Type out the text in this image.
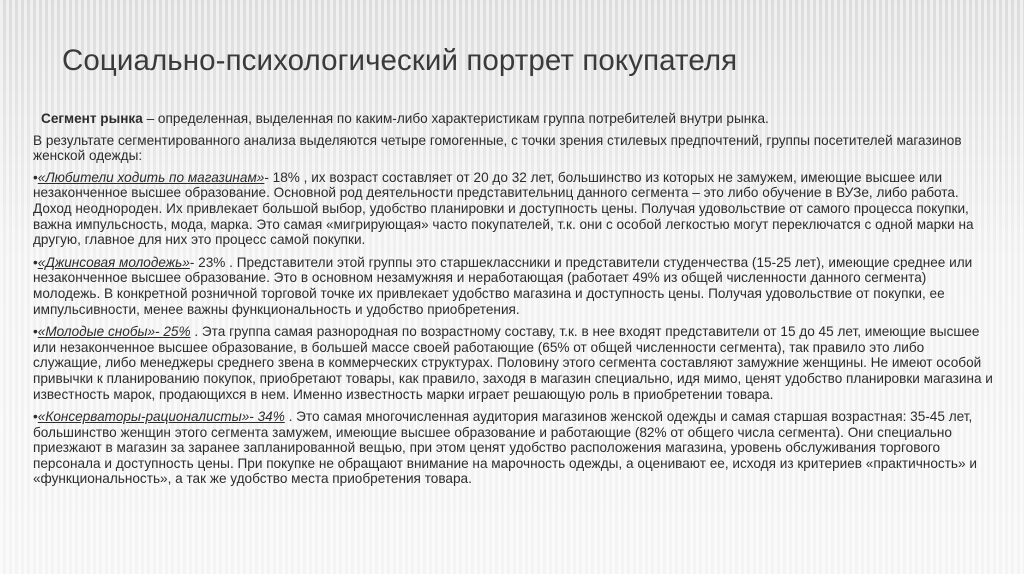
Социально-психологический портрет покупателя
Сегмент рынка – определенная, выделенная по каким-либо характеристикам группа потребителей внутри рынка.
В результате сегментированного анализа выделяются четыре гомогенные, с точки зрения стилевых предпочтений, группы посетителей магазинов женской одежды:
•«Любители ходить по магазинам»- 18% , их возраст составляет от 20 до 32 лет, большинство из которых не замужем, имеющие высшее или незаконченное высшее образование. Основной род деятельности представительниц данного сегмента – это либо обучение в ВУЗе, либо работа. Доход неоднороден. Их привлекает большой выбор, удобство планировки и доступность цены. Получая удовольствие от самого процесса покупки, важна импульсность, мода, марка. Это самая «мигрирующая» часто покупателей, т.к. они с особой легкостью могут переключатся с одной марки на другую, главное для них это процесс самой покупки.
•«Джинсовая молодежь»- 23% . Представители этой группы это старшеклассники и представители студенчества (15-25 лет), имеющие среднее или незаконченное высшее образование. Это в основном незамужняя и неработающая (работает 49% из общей численности данного сегмента) молодежь. В конкретной розничной торговой точке их привлекает удобство магазина и доступность цены. Получая удовольствие от покупки, ее импульсивности, менее важны функциональность и удобство приобретения.
•«Молодые снобы»- 25% . Эта группа самая разнородная по возрастному составу, т.к. в нее входят представители от 15 до 45 лет, имеющие высшее или незаконченное высшее образование, в большей массе своей работающие (65% от общей численности сегмента), так правило это либо служащие, либо менеджеры среднего звена в коммерческих структурах. Половину этого сегмента составляют замужние женщины. Не имеют особой привычки к планированию покупок, приобретают товары, как правило, заходя в магазин специально, идя мимо, ценят удобство планировки магазина и известность марок, продающихся в нем. Именно известность марки играет решающую роль в приобретении товара.
•«Консерваторы-рационалисты»- 34% . Это самая многочисленная аудитория магазинов женской одежды и самая старшая возрастная: 35-45 лет, большинство женщин этого сегмента замужем, имеющие высшее образование и работающие (82% от общего числа сегмента). Они специально приезжают в магазин за заранее запланированной вещью, при этом ценят удобство расположения магазина, уровень обслуживания торгового персонала и доступность цены. При покупке не обращают внимание на марочность одежды, а оценивают ее, исходя из критериев «практичность» и «функциональность», а так же удобство места приобретения товара.
